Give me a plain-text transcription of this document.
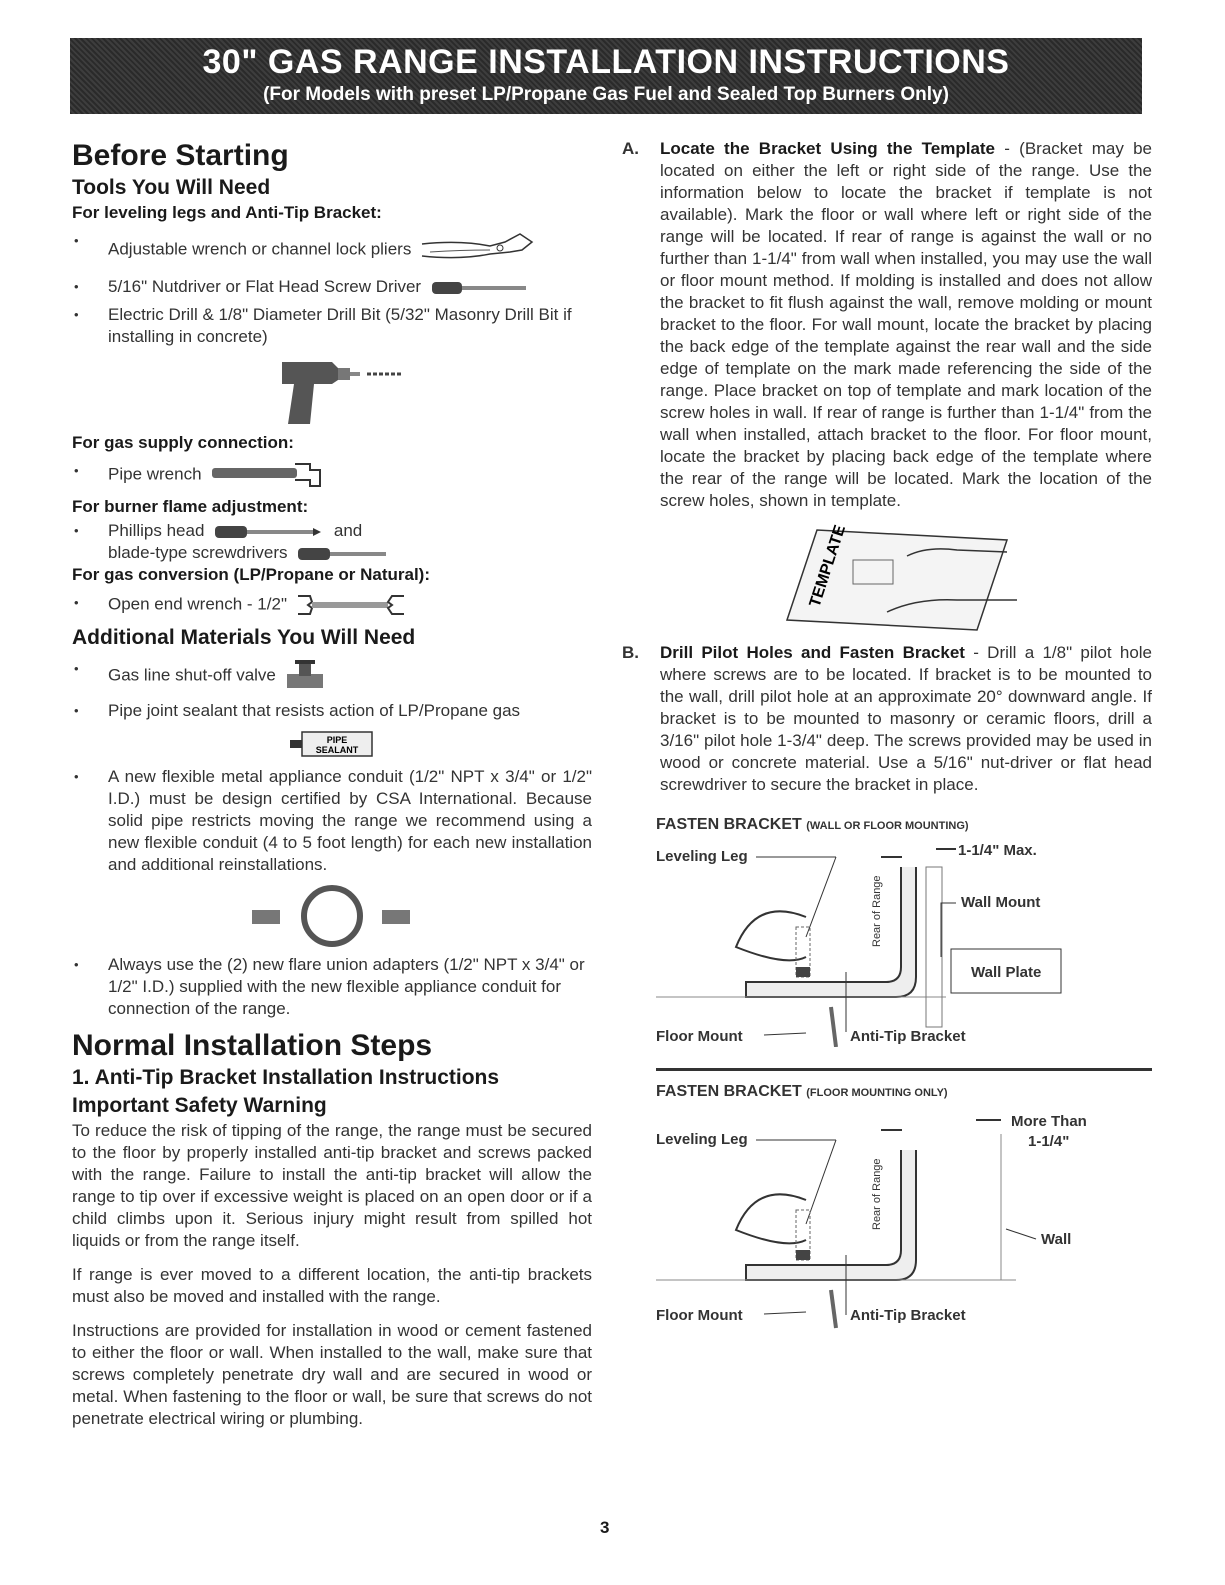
30" GAS RANGE INSTALLATION INSTRUCTIONS
(For Models with preset LP/Propane Gas Fuel and Sealed Top Burners Only)
Before Starting
Tools You Will Need
For leveling legs and Anti-Tip Bracket:
• Adjustable wrench or channel lock pliers
• 5/16" Nutdriver or Flat Head Screw Driver
• Electric Drill & 1/8" Diameter Drill Bit (5/32" Masonry Drill Bit if installing in concrete)
For gas supply connection:
• Pipe wrench
For burner flame adjustment:
• Phillips head	and
blade-type screwdrivers
For gas conversion (LP/Propane or Natural):
• Open end wrench - 1/2"
Additional Materials You Will Need
• Gas line shut-off valve
• Pipe joint sealant that resists action of LP/Propane gas
PIPE
SEALANT
• A new flexible metal appliance conduit (1/2" NPT x 3/4" or 1/2" I.D.) must be design certified by CSA International. Because solid pipe restricts moving the range we recommend using a new flexible conduit (4 to 5 foot length) for each new installation and additional reinstallations.
• Always use the (2) new flare union adapters (1/2" NPT x 3/4" or 1/2" I.D.) supplied with the new flexible appliance conduit for connection of the range.
Normal Installation Steps
1. Anti-Tip Bracket Installation Instructions
Important Safety Warning

To reduce the risk of tipping of the range, the range must be secured to the floor by properly installed anti-tip bracket and screws packed with the range. Failure to install the anti-tip bracket will allow the range to tip over if excessive weight is placed on an open door or if a child climbs upon it. Serious injury might result from spilled hot liquids or from the range itself.

If range is ever moved to a different location, the anti-tip brackets must also be moved and installed with the range.

Instructions are provided for installation in wood or cement fastened to either the floor or wall. When installed to the wall, make sure that screws completely penetrate dry wall and are secured in wood or metal. When fastening to the floor or wall, be sure that screws do not penetrate electrical wiring or plumbing.

A. Locate the Bracket Using the Template - (Bracket may be located on either the left or right side of the range. Use the information below to locate the bracket if template is not available). Mark the floor or wall where left or right side of the range will be located. If rear of range is against the wall or no further than 1-1/4" from wall when installed, you may use the wall or floor mount method. If molding is installed and does not allow the bracket to fit flush against the wall, remove molding or mount bracket to the floor. For wall mount, locate the bracket by placing the back edge of the template against the rear wall and the side edge of template on the mark made referencing the side of the range. Place bracket on top of template and mark location of the screw holes in wall. If rear of range is further than 1-1/4" from the wall when installed, attach bracket to the floor. For floor mount, locate the bracket by placing back edge of the template where the rear of the range will be located. Mark the location of the screw holes, shown in template.
TEMPLATE
B. Drill Pilot Holes and Fasten Bracket - Drill a 1/8" pilot hole where screws are to be located. If bracket is to be mounted to the wall, drill pilot hole at an approximate 20° downward angle. If bracket is to be mounted to masonry or ceramic floors, drill a 3/16" pilot hole 1-3/4" deep. The screws provided may be used in wood or concrete material. Use a 5/16" nut-driver or flat head screwdriver to secure the bracket in place.

FASTEN BRACKET (WALL OR FLOOR MOUNTING)

Leveling Leg
Rear of Range
1-1/4" Max.
Wall Mount
Wall Plate
Floor Mount	Anti-Tip Bracket

FASTEN BRACKET (FLOOR MOUNTING ONLY)

Leveling Leg
Rear of Range
More Than
1-1/4"
Wall
Floor Mount	Anti-Tip Bracket
3
